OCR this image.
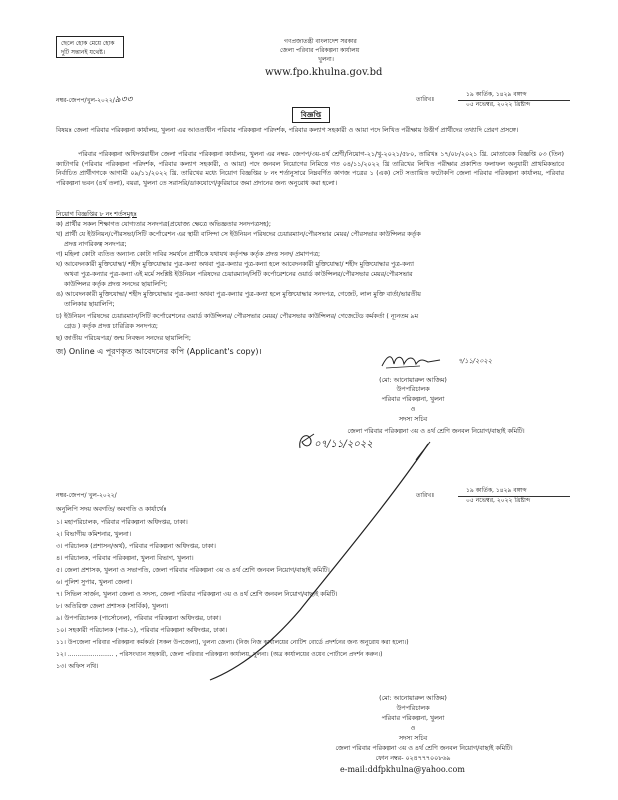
ছেলে হোক মেয়ে হোক
দুটি সন্তানই যথেষ্ট।
গণপ্রজাতন্ত্রী বাংলাদেশ সরকার
জেলা পরিবার পরিকল্পনা কার্যালয়
খুলনা।
www.fpo.khulna.gov.bd
নম্বর-জেপপ/খুল-২০২২/৯৩৩	তারিখঃ
১৯ কার্তিক, ১৪২৯ বঙ্গাব্দ
০৫ নভেম্বর, ২০২২ খ্রিষ্টাব্দ
বিজ্ঞপ্তি
বিষয়ঃ জেলা পরিবার পরিকল্পনা কার্যালয়, খুলনা এর আওতাধীন পরিবার পরিকল্পনা পরিদর্শক, পরিবার কল্যাণ সহকারী ও আয়া পদে লিখিত পরীক্ষায় উত্তীর্ণ প্রার্থীদের তথ্যাদি প্রেরণ প্রসঙ্গে।
পরিবার পরিকল্পনা অধিদপ্তরাধীন জেলা পরিবার পরিকল্পনা কার্যালয়, খুলনা এর নম্বর- জেপপ/৩য়-৪র্থ শ্রেণী/নিয়োগ-২১/খু-২০২১/৫৮০, তারিখঃ ১৭/০৮/২০২১ খ্রি. মোতাবেক বিজ্ঞপ্তি ০৩ (তিন) ক্যাটাগরি (পরিবার পরিকল্পনা পরিদর্শক, পরিবার কল্যাণ সহকারী, ও আয়া) পদে জনবল নিয়োগের নিমিত্তে গত ০৪/১১/২০২২ খ্রি তারিখের লিখিত পরীক্ষার প্রকাশিত ফলাফল অনুযায়ী প্রাথমিকভাবে নির্বাচিত প্রার্থীগণকে আগামী ০৯/১১/২০২২ খ্রি. তারিখের মধ্যে নিয়োগ বিজ্ঞপ্তির ৮ নং শর্তানুসারে নিম্নবর্ণিত কাগজ পত্রের ১ (এক) সেট সত্যায়িত ফটোকপি জেলা পরিবার পরিকল্পনা কার্যালয়, পরিবার পরিকল্পনা ভবন (৪র্থ তলা), বয়রা, খুলনা তে সরাসরি/ডাকযোগে/কুরিয়ারে জমা প্রদানের জন্য অনুরোধ করা হলো।
নিয়োগ বিজ্ঞপ্তির ৮ নং শর্তসমূহঃ
ক) প্রার্থীর সকল শিক্ষাগত যোগ্যতার সনদপত্র(প্রযোজ্য ক্ষেত্রে অভিজ্ঞতার সনদপত্রসহ);
খ) প্রার্থী যে ইউনিয়ন/পৌরসভা/সিটি কর্পোরেশন এর স্থায়ী বাসিন্দা সে ইউনিয়ন পরিষদের চেয়ারম্যান/পৌরসভার মেয়র/ পৌরসভার কাউন্সিলর কর্তৃক
প্রদত্ত নাগরিকত্ব সনদপত্র;
গ) মহিলা কোটা ব্যতিত অন্যান্য কোটা দাবির সমর্থনে প্রার্থীকে যথাযথ কর্তৃপক্ষ কর্তৃক প্রদত্ত সনদ/ প্রমাণপত্র;
ঘ) আবেদনকারী মুক্তিযোদ্ধা/ শহীদ মুক্তিযোদ্ধার পুত্র-কন্যা অথবা পুত্র-কন্যার পুত্র-কন্যা হলে আবেদনকারী মুক্তিযোদ্ধা/ শহীদ মুক্তিযোদ্ধার পুত্র-কন্যা
অথবা পুত্র-কন্যার পুত্র-কন্যা এই মর্মে সংশ্লিষ্ট ইউনিয়ন পরিষদের চেয়ারম্যান/সিটি কর্পোরেশনের ওয়ার্ড কাউন্সিলর/পৌরসভার মেয়র/পৌরসভার
কাউন্সিলর কর্তৃক প্রদত্ত সনদের ছায়ালিপি;
ঙ) আবেদনকারী মুক্তিযোদ্ধা/ শহীদ মুক্তিযোদ্ধার পুত্র-কন্যা অথবা পুত্র-কন্যার পুত্র-কন্যা হলে মুক্তিযোদ্ধার সনদপত্র, গেজেট, লাল মুক্তি বার্তা/ভারতীয়
তালিকার ছায়ালিপি;
চ) ইউনিয়ন পরিষদের চেয়ারম্যান/সিটি কর্পোরেশনের ওয়ার্ড কাউন্সিলর/ পৌরসভার মেয়র/ পৌরসভার কাউন্সিলর/ গেজেটেড কর্মকর্তা ( ন্যূনতম ৯ম
গ্রেড ) কর্তৃক প্রদত্ত চারিত্রিক সনদপত্র;
ছ) জাতীয় পরিচয়পত্র/ জন্ম নিবন্ধন সনদের ছায়ালিপি;
জ) Online এ পূরণকৃত আবেদনের কপি (Applicant's copy)।
৭/১১/২০২২
(মো: আনোয়ারুল আজিম)
উপপরিচালক
পরিবার পরিকল্পনা, খুলনা
ও
সদস্য সচিব
জেলা পরিবার পরিকল্পনা ৩য় ও ৪র্থ শ্রেণি জনবল নিয়োগ/বাছাই কমিটি।
০৭/১১/২০২২
নম্বর-জেপপ/ খুল-২০২২/	তারিখঃ
১৯ কার্তিক, ১৪২৯ বঙ্গাব্দ
০৫ নভেম্বর, ২০২২ খ্রিষ্টাব্দ
অনুলিপি সদয় অবগতি/ অবগতি ও কার্যার্থেঃ
১। মহাপরিচালক, পরিবার পরিকল্পনা অধিদপ্তর, ঢাকা।
২। বিভাগীয় কমিশনার, খুলনা।
৩। পরিচালক (প্রশাসন/অর্থ), পরিবার পরিকল্পনা অধিদপ্তর, ঢাকা।
৪। পরিচালক, পরিবার পরিকল্পনা, খুলনা বিভাগ, খুলনা।
৫। জেলা প্রশাসক, খুলনা ও সভাপতি, জেলা পরিবার পরিকল্পনা ৩য় ও ৪র্থ শ্রেণি জনবল নিয়োগ/বাছাই কমিটি।
৬। পুলিশ সুপার, খুলনা জেলা।
৭। সিভিল সার্জন, খুলনা জেলা ও সদস্য, জেলা পরিবার পরিকল্পনা ৩য় ও ৪র্থ শ্রেণি জনবল নিয়োগ/বাছাই কমিটি।
৮। অতিরিক্ত জেলা প্রশাসক (সার্বিক), খুলনা।
৯। উপপরিচালক (পার্সোনেল), পরিবার পরিকল্পনা অধিদপ্তর, ঢাকা।
১০। সহকারী পরিচালক (পার-১), পরিবার পরিকল্পনা অধিদপ্তর, ঢাকা।
১১। উপজেলা পরিবার পরিকল্পনা কর্মকর্তা (সকল উপজেলা), খুলনা জেলা। (নিজ নিজ কার্যালয়ের নোটিশ বোর্ডে প্রদর্শনের জন্য অনুরোধ করা হলো।)
১২। ........................ , পরিসংখ্যান সহকারী, জেলা পরিবার পরিকল্পনা কার্যালয়, খুলনা। (অত্র কার্যালয়ের ওয়েব পোর্টালে প্রদর্শন করুন।)
১৩। অফিস নথি।
(মো: আনোয়ারুল আজিম)
উপপরিচালক
পরিবার পরিকল্পনা, খুলনা
ও
সদস্য সচিব
জেলা পরিবার পরিকল্পনা ৩য় ও ৪র্থ শ্রেণি জনবল নিয়োগ/বাছাই কমিটি।
ফোন নম্বর- ০২৪৭৭৭০০৮৬৯
e-mail:ddfpkhulna@yahoo.com
